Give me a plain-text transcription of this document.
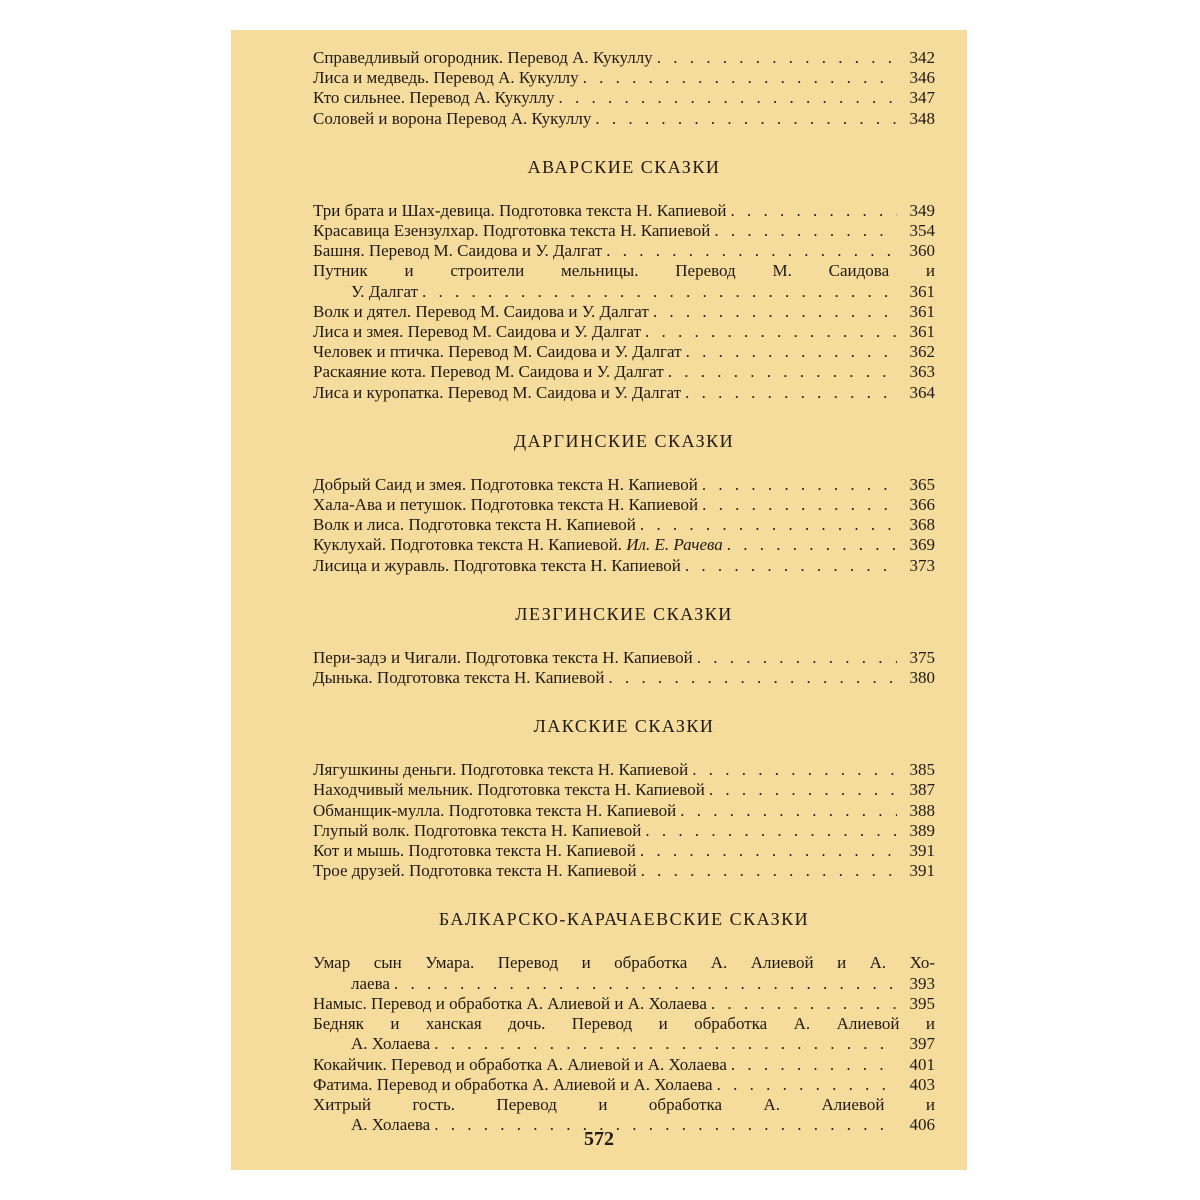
Справедливый огородник. Перевод А. Кукуллу . . .	342
Лиса и медведь. Перевод А. Кукуллу . . .	346
Кто сильнее. Перевод А. Кукуллу . . .	347
Соловей и ворона Перевод А. Кукуллу . . .	348
АВАРСКИЕ СКАЗКИ
Три брата и Шах-девица. Подготовка текста Н. Капиевой . . .	349
Красавица Езензулхар. Подготовка текста Н. Капиевой . . .	354
Башня. Перевод М. Саидова и У. Далгат . . .	360
Путник и строители мельницы. Перевод М. Саидова и
У. Далгат . . .	361
Волк и дятел. Перевод М. Саидова и У. Далгат . . .	361
Лиса и змея. Перевод М. Саидова и У. Далгат . . .	361
Человек и птичка. Перевод М. Саидова и У. Далгат . . .	362
Раскаяние кота. Перевод М. Саидова и У. Далгат . . .	363
Лиса и куропатка. Перевод М. Саидова и У. Далгат . . .	364
ДАРГИНСКИЕ СКАЗКИ
Добрый Саид и змея. Подготовка текста Н. Капиевой . . .	365
Хала-Ава и петушок. Подготовка текста Н. Капиевой . . .	366
Волк и лиса. Подготовка текста Н. Капиевой . . .	368
Куклухай. Подготовка текста Н. Капиевой. Ил. Е. Рачева . . .	369
Лисица и журавль. Подготовка текста Н. Капиевой . . .	373
ЛЕЗГИНСКИЕ СКАЗКИ
Пери-задэ и Чигали. Подготовка текста Н. Капиевой . . .	375
Дынька. Подготовка текста Н. Капиевой . . .	380
ЛАКСКИЕ СКАЗКИ
Лягушкины деньги. Подготовка текста Н. Капиевой . . .	385
Находчивый мельник. Подготовка текста Н. Капиевой . . .	387
Обманщик-мулла. Подготовка текста Н. Капиевой . . .	388
Глупый волк. Подготовка текста Н. Капиевой . . .	389
Кот и мышь. Подготовка текста Н. Капиевой . . .	391
Трое друзей. Подготовка текста Н. Капиевой . . .	391
БАЛКАРСКО-КАРАЧАЕВСКИЕ СКАЗКИ
Умар сын Умара. Перевод и обработка А. Алиевой и А. Хо-
лаева . . .	393
Намыс. Перевод и обработка А. Алиевой и А. Холаева . . .	395
Бедняк и ханская дочь. Перевод и обработка А. Алиевой и
А. Холаева . . .	397
Кокайчик. Перевод и обработка А. Алиевой и А. Холаева . . .	401
Фатима. Перевод и обработка А. Алиевой и А. Холаева . . .	403
Хитрый гость. Перевод и обработка А. Алиевой и
А. Холаева . . .	406
572
